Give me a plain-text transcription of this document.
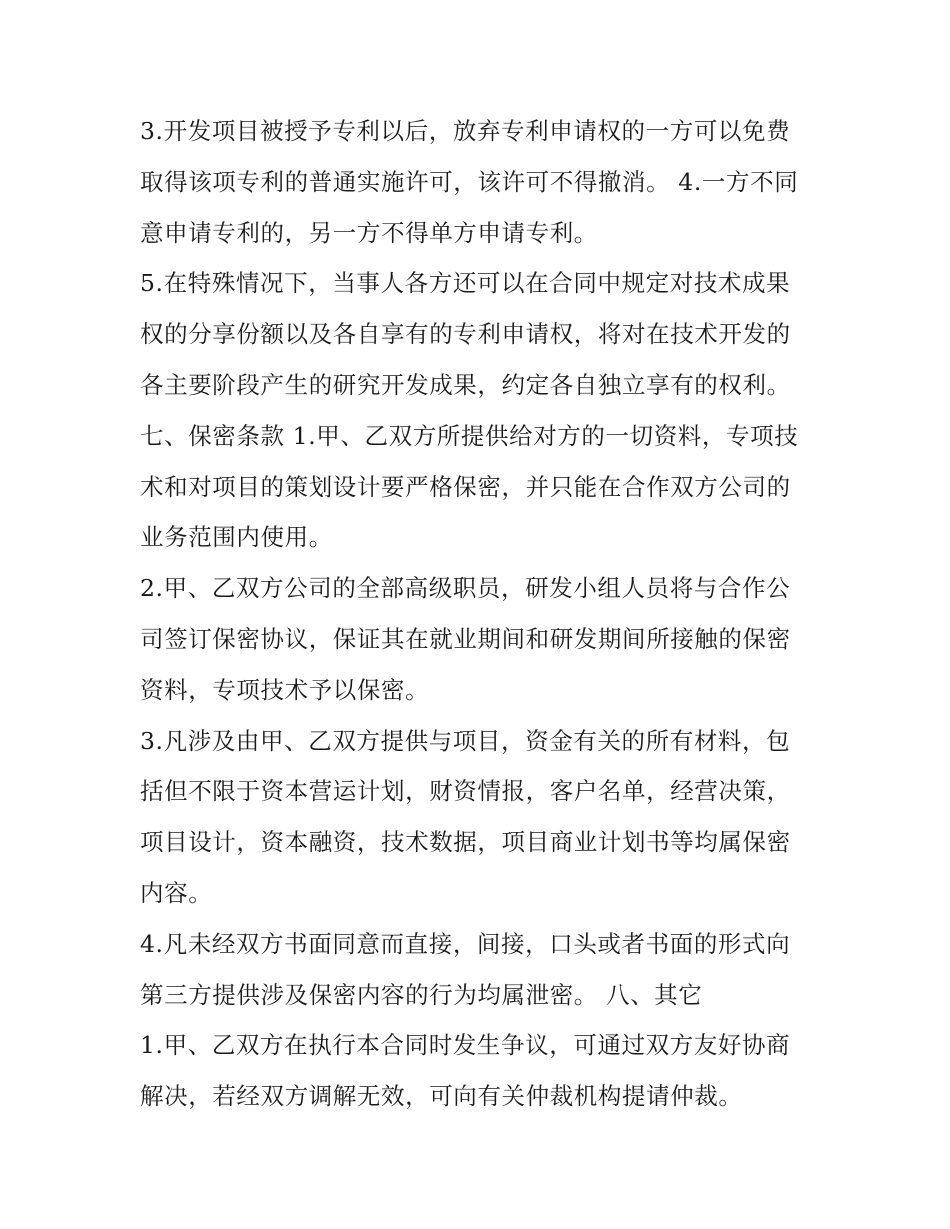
3.开发项目被授予专利以后，放弃专利申请权的一方可以免费
取得该项专利的普通实施许可，该许可不得撤消。 4.一方不同
意申请专利的，另一方不得单方申请专利。
5.在特殊情况下，当事人各方还可以在合同中规定对技术成果
权的分享份额以及各自享有的专利申请权，将对在技术开发的
各主要阶段产生的研究开发成果，约定各自独立享有的权利。
七、保密条款 1.甲、乙双方所提供给对方的一切资料，专项技
术和对项目的策划设计要严格保密，并只能在合作双方公司的
业务范围内使用。
2.甲、乙双方公司的全部高级职员，研发小组人员将与合作公
司签订保密协议，保证其在就业期间和研发期间所接触的保密
资料，专项技术予以保密。
3.凡涉及由甲、乙双方提供与项目，资金有关的所有材料，包
括但不限于资本营运计划，财资情报，客户名单，经营决策，
项目设计，资本融资，技术数据，项目商业计划书等均属保密
内容。
4.凡未经双方书面同意而直接，间接，口头或者书面的形式向
第三方提供涉及保密内容的行为均属泄密。 八、其它
1.甲、乙双方在执行本合同时发生争议，可通过双方友好协商
解决，若经双方调解无效，可向有关仲裁机构提请仲裁。
